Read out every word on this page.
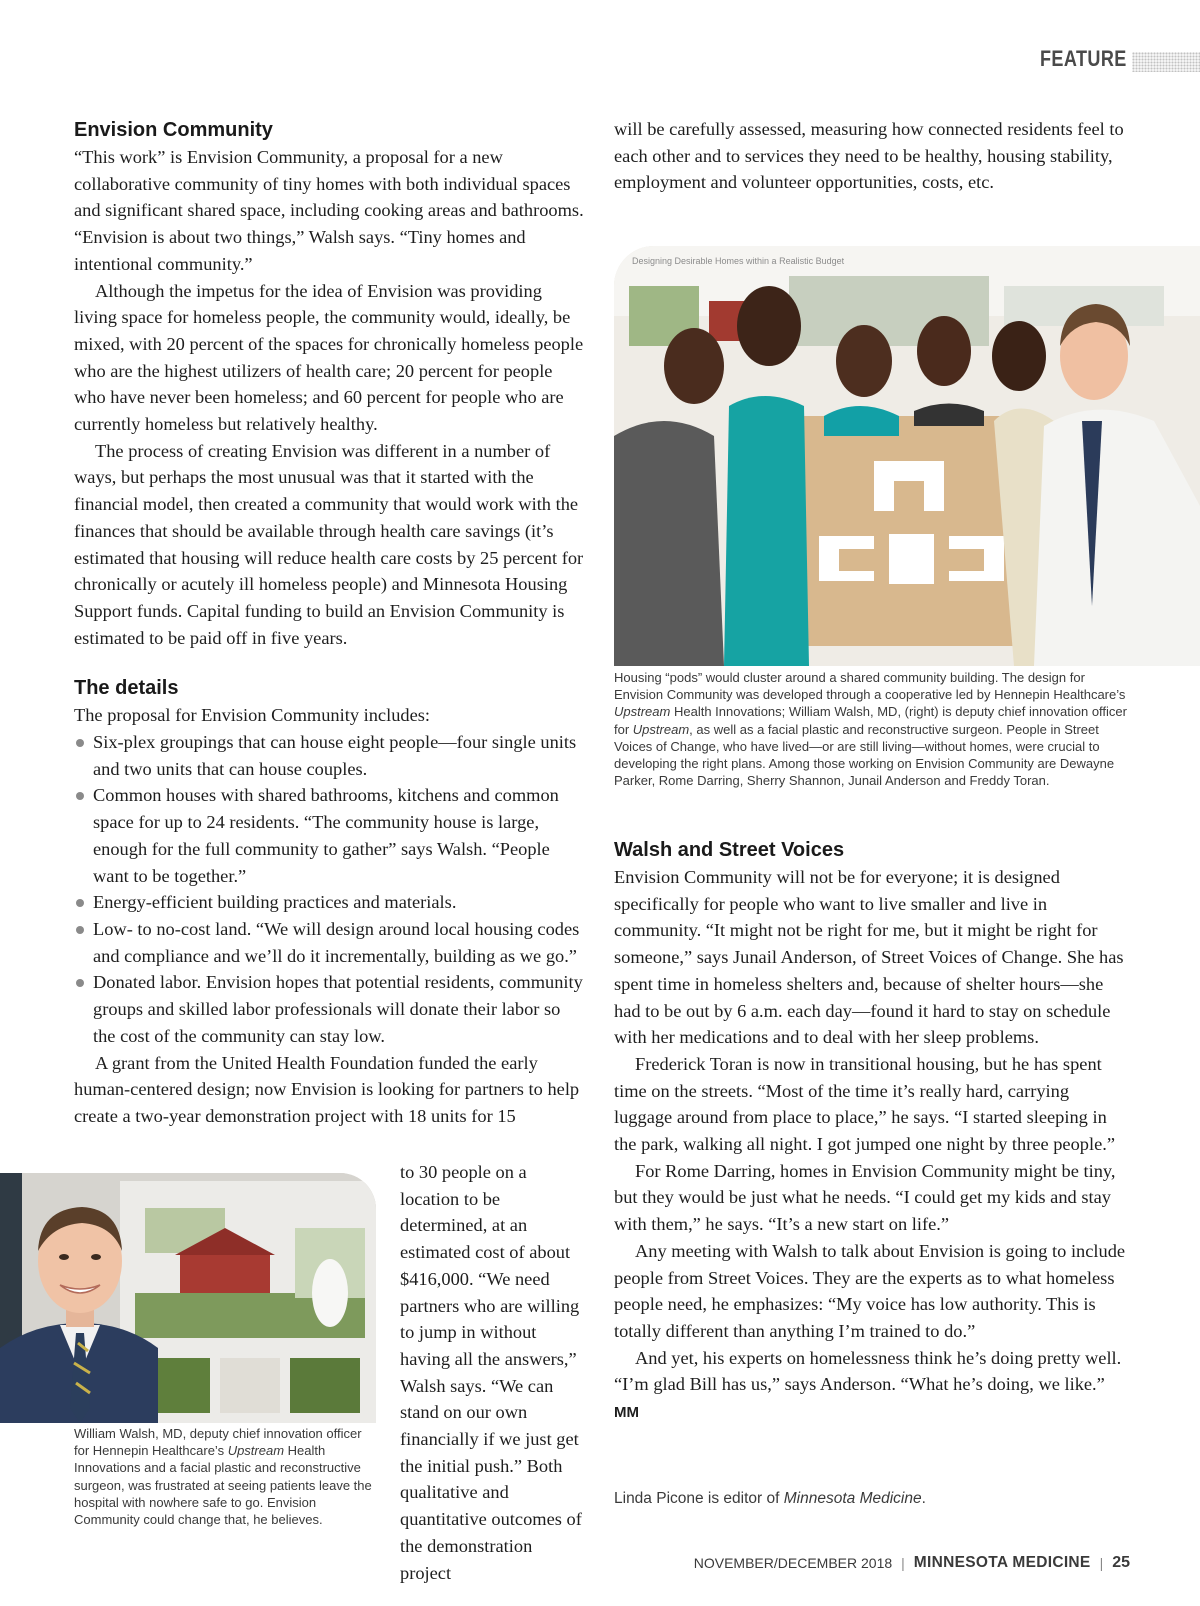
FEATURE
Envision Community

“This work” is Envision Community, a proposal for a new collaborative community of tiny homes with both individual spaces and significant shared space, including cooking areas and bathrooms. “Envision is about two things,” Walsh says. “Tiny homes and intentional community.”

Although the impetus for the idea of Envision was providing living space for homeless people, the community would, ideally, be mixed, with 20 percent of the spaces for chronically homeless people who are the highest utilizers of health care; 20 percent for people who have never been homeless; and 60 percent for people who are currently homeless but relatively healthy.

The process of creating Envision was different in a number of ways, but perhaps the most unusual was that it started with the financial model, then created a community that would work with the finances that should be available through health care savings (it’s estimated that housing will reduce health care costs by 25 percent for chronically or acutely ill homeless people) and Minnesota Housing Support funds. Capital funding to build an Envision Community is estimated to be paid off in five years.

The details

The proposal for Envision Community includes:

Six-plex groupings that can house eight people—four single units and two units that can house couples.
Common houses with shared bathrooms, kitchens and common space for up to 24 residents. “The community house is large, enough for the full community to gather” says Walsh. “People want to be together.”
Energy-efficient building practices and materials.
Low- to no-cost land. “We will design around local housing codes and compliance and we’ll do it incrementally, building as we go.”
Donated labor. Envision hopes that potential residents, community groups and skilled labor professionals will donate their labor so the cost of the community can stay low.

A grant from the United Health Foundation funded the early human-centered design; now Envision is looking for partners to help create a two-year demonstration project with 18 units for 15

to 30 people on a location to be determined, at an estimated cost of about $416,000. “We need partners who are willing to jump in without having all the answers,” Walsh says. “We can stand on our own financially if we just get the initial push.” Both qualitative and quantitative outcomes of the demonstration project
William Walsh, MD, deputy chief innovation officer for Hennepin Healthcare’s Upstream Health Innovations and a facial plastic and reconstructive surgeon, was frustrated at seeing patients leave the hospital with nowhere safe to go. Envision Community could change that, he believes.

will be carefully assessed, measuring how connected residents feel to each other and to services they need to be healthy, housing stability, employment and volunteer opportunities, costs, etc.

Designing Desirable Homes within a Realistic Budget
Housing “pods” would cluster around a shared community building. The design for Envision Community was developed through a cooperative led by Hennepin Healthcare’s Upstream Health Innovations; William Walsh, MD, (right) is deputy chief innovation officer for Upstream, as well as a facial plastic and reconstructive surgeon. People in Street Voices of Change, who have lived—or are still living—without homes, were crucial to developing the right plans. Among those working on Envision Community are Dewayne Parker, Rome Darring, Sherry Shannon, Junail Anderson and Freddy Toran.
Walsh and Street Voices

Envision Community will not be for everyone; it is designed specifically for people who want to live smaller and live in community. “It might not be right for me, but it might be right for someone,” says Junail Anderson, of Street Voices of Change. She has spent time in homeless shelters and, because of shelter hours—she had to be out by 6 a.m. each day—found it hard to stay on schedule with her medications and to deal with her sleep problems.

Frederick Toran is now in transitional housing, but he has spent time on the streets. “Most of the time it’s really hard, carrying luggage around from place to place,” he says. “I started sleeping in the park, walking all night. I got jumped one night by three people.”

For Rome Darring, homes in Envision Community might be tiny, but they would be just what he needs. “I could get my kids and stay with them,” he says. “It’s a new start on life.”

Any meeting with Walsh to talk about Envision is going to include people from Street Voices. They are the experts as to what homeless people need, he emphasizes: “My voice has low authority. This is totally different than anything I’m trained to do.”

And yet, his experts on homelessness think he’s doing pretty well. “I’m glad Bill has us,” says Anderson. “What he’s doing, we like.” MM

Linda Picone is editor of Minnesota Medicine.
NOVEMBER/DECEMBER 2018 | MINNESOTA MEDICINE | 25
